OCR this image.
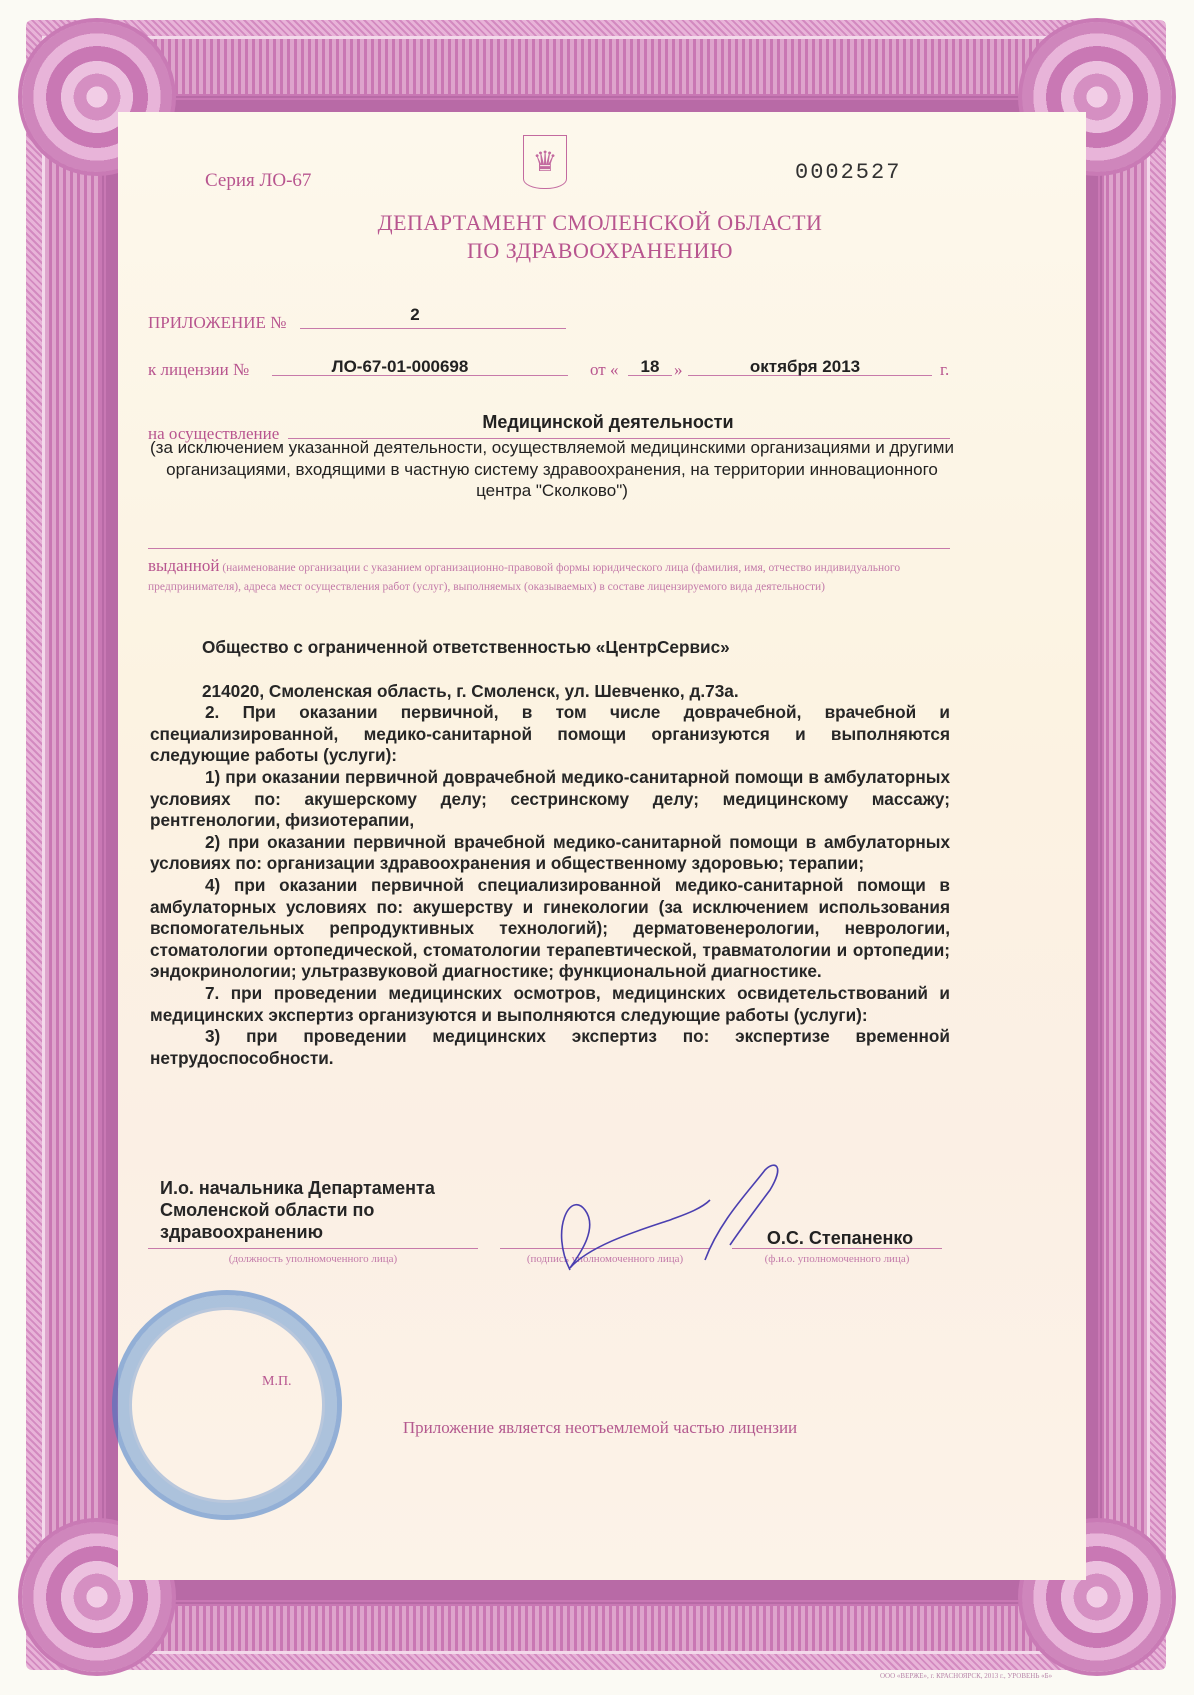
Серия ЛО-67
♛	0002527
ДЕПАРТАМЕНТ СМОЛЕНСКОЙ ОБЛАСТИ
ПО ЗДРАВООХРАНЕНИЮ
ПРИЛОЖЕНИЕ №	2
к лицензии №	ЛО-67-01-000698	от «	18 »	октября 2013	г.
на осуществление
Медицинской деятельности
(за исключением указанной деятельности, осуществляемой медицинскими организациями и другими организациями, входящими в частную систему здравоохранения, на территории инновационного центра "Сколково")
выданной (наименование организации с указанием организационно-правовой формы юридического лица (фамилия, имя, отчество индивидуального предпринимателя), адреса мест осуществления работ (услуг), выполняемых (оказываемых) в составе лицензируемого вида деятельности)

Общество с ограниченной ответственностью «ЦентрСервис»

214020, Смоленская область, г. Смоленск, ул. Шевченко, д.73а.

2. При оказании первичной, в том числе доврачебной, врачебной и специализированной, медико-санитарной помощи организуются и выполняются следующие работы (услуги):

1) при оказании первичной доврачебной медико-санитарной помощи в амбулаторных условиях по: акушерскому делу; сестринскому делу; медицинскому массажу; рентгенологии, физиотерапии,

2) при оказании первичной врачебной медико-санитарной помощи в амбулаторных условиях по: организации здравоохранения и общественному здоровью; терапии;

4) при оказании первичной специализированной медико-санитарной помощи в амбулаторных условиях по: акушерству и гинекологии (за исключением использования вспомогательных репродуктивных технологий); дерматовенерологии, неврологии, стоматологии ортопедической, стоматологии терапевтической, травматологии и ортопедии; эндокринологии; ультразвуковой диагностике; функциональной диагностике.

7. при проведении медицинских осмотров, медицинских освидетельствований и медицинских экспертиз организуются и выполняются следующие работы (услуги):

3) при проведении медицинских экспертиз по: экспертизе временной нетрудоспособности.

И.о. начальника Департамента
Смоленской области по
здравоохранению
(должность уполномоченного лица)	(подпись уполномоченного лица)
О.С. Степаненко
(ф.и.о. уполномоченного лица)
М.П.
Приложение является неотъемлемой частью лицензии
ООО «ВЕРЖЕ», г. КРАСНОЯРСК, 2013 г., УРОВЕНЬ «Б»
